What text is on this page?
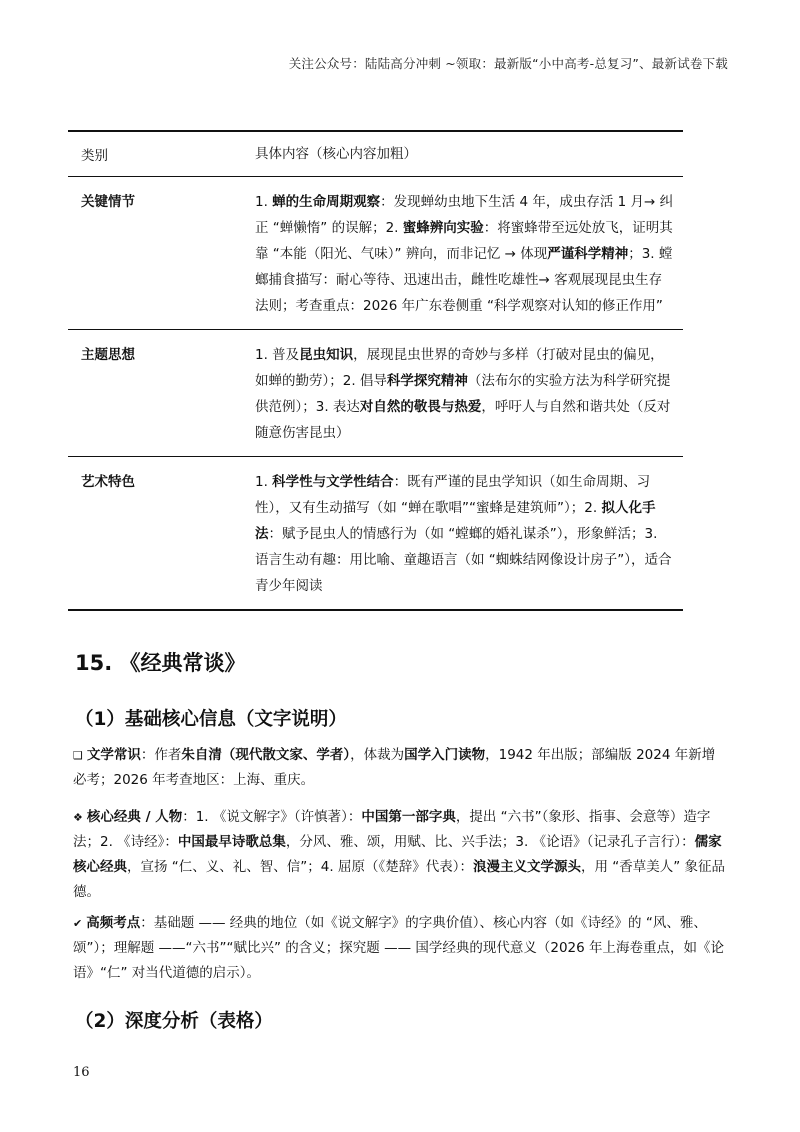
关注公众号：陆陆高分冲刺 ~领取：最新版“小中高考-总复习”、最新试卷下载
类别	具体内容（核心内容加粗）
关键情节	1. 蝉的生命周期观察：发现蝉幼虫地下生活 4 年，成虫存活 1 月→ 纠正 “蝉懒惰” 的误解；2. 蜜蜂辨向实验：将蜜蜂带至远处放飞，证明其靠 “本能（阳光、气味）” 辨向，而非记忆 → 体现严谨科学精神；3. 螳螂捕食描写：耐心等待、迅速出击，雌性吃雄性→ 客观展现昆虫生存法则；考查重点：2026 年广东卷侧重 “科学观察对认知的修正作用”
主题思想	1. 普及昆虫知识，展现昆虫世界的奇妙与多样（打破对昆虫的偏见，如蝉的勤劳）；2. 倡导科学探究精神（法布尔的实验方法为科学研究提供范例）；3. 表达对自然的敬畏与热爱，呼吁人与自然和谐共处（反对随意伤害昆虫）
艺术特色	1. 科学性与文学性结合：既有严谨的昆虫学知识（如生命周期、习性），又有生动描写（如 “蝉在歌唱”“蜜蜂是建筑师”）；2. 拟人化手法：赋予昆虫人的情感行为（如 “螳螂的婚礼谋杀”），形象鲜活；3. 语言生动有趣：用比喻、童趣语言（如 “蜘蛛结网像设计房子”），适合青少年阅读
15. 《经典常谈》
（1）基础核心信息（文字说明）
❑ 文学常识：作者朱自清（现代散文家、学者），体裁为国学入门读物，1942 年出版；部编版 2024 年新增必考；2026 年考查地区：上海、重庆。
❖ 核心经典 / 人物：1. 《说文解字》（许慎著）：中国第一部字典，提出 “六书”（象形、指事、会意等）造字法；2. 《诗经》：中国最早诗歌总集，分风、雅、颂，用赋、比、兴手法；3. 《论语》（记录孔子言行）：儒家核心经典，宣扬 “仁、义、礼、智、信”；4. 屈原（《楚辞》代表）：浪漫主义文学源头，用 “香草美人” 象征品德。
✔ 高频考点：基础题 —— 经典的地位（如《说文解字》的字典价值）、核心内容（如《诗经》的 “风、雅、颂”）；理解题 ——“六书”“赋比兴” 的含义；探究题 —— 国学经典的现代意义（2026 年上海卷重点，如《论语》“仁” 对当代道德的启示）。
（2）深度分析（表格）
16
